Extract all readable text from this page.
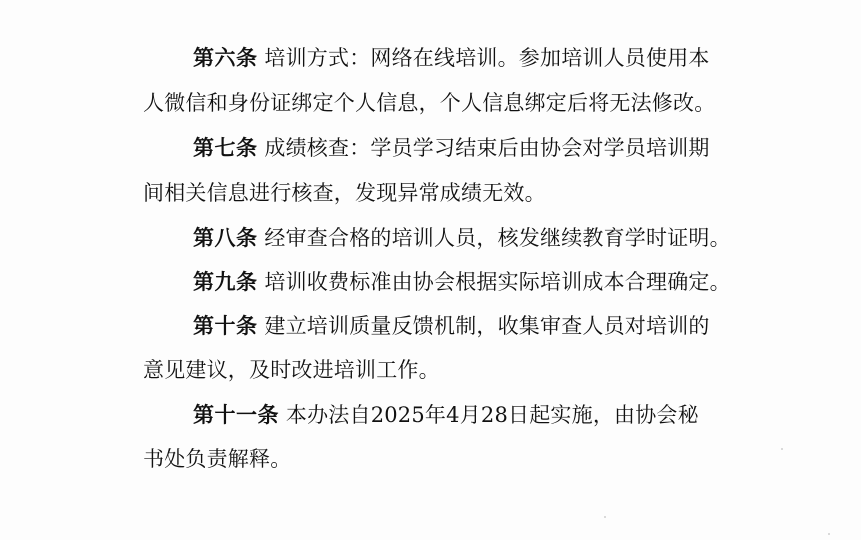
第六条 培训方式：网络在线培训。参加培训人员使用本
人微信和身份证绑定个人信息，个人信息绑定后将无法修改。
第七条 成绩核查：学员学习结束后由协会对学员培训期
间相关信息进行核查，发现异常成绩无效。
第八条 经审查合格的培训人员，核发继续教育学时证明。
第九条 培训收费标准由协会根据实际培训成本合理确定。
第十条 建立培训质量反馈机制，收集审查人员对培训的
意见建议，及时改进培训工作。
第十一条 本办法自2025年4月28日起实施，由协会秘
书处负责解释。
